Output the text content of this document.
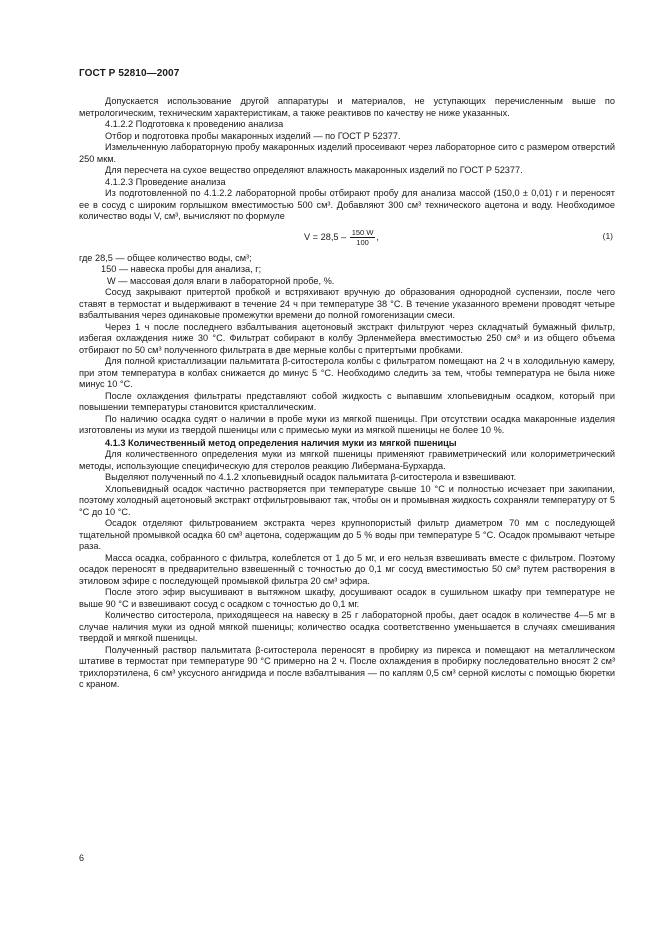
ГОСТ Р 52810—2007

Допускается использование другой аппаратуры и материалов, не уступающих перечисленным выше по метрологическим, техническим характеристикам, а также реактивов по качеству не ниже указанных.

4.1.2.2 Подготовка к проведению анализа

Отбор и подготовка пробы макаронных изделий — по ГОСТ Р 52377.

Измельченную лабораторную пробу макаронных изделий просеивают через лабораторное сито с размером отверстий 250 мкм.

Для пересчета на сухое вещество определяют влажность макаронных изделий по ГОСТ Р 52377.

4.1.2.3 Проведение анализа

Из подготовленной по 4.1.2.2 лабораторной пробы отбирают пробу для анализа массой (150,0 ± 0,01) г и переносят ее в сосуд с широким горлышком вместимостью 500 см³. Добавляют 300 см³ технического ацетона и воду. Необходимое количество воды V, см³, вычисляют по формуле

$V = 28,5 - \frac{150 W}{100}$ ,	(1)

где 28,5 — общее количество воды, см³;

150 — навеска пробы для анализа, г;

W — массовая доля влаги в лабораторной пробе, %.

Сосуд закрывают притертой пробкой и встряхивают вручную до образования однородной суспензии, после чего ставят в термостат и выдерживают в течение 24 ч при температуре 38 °C. В течение указанного времени проводят четыре взбалтывания через одинаковые промежутки времени до полной гомогенизации смеси.

Через 1 ч после последнего взбалтывания ацетоновый экстракт фильтруют через складчатый бумажный фильтр, избегая охлаждения ниже 30 °C. Фильтрат собирают в колбу Эрленмейера вместимостью 250 см³ и из общего объема отбирают по 50 см³ полученного фильтрата в две мерные колбы с притертыми пробками.

Для полной кристаллизации пальмитата β-ситостерола колбы с фильтратом помещают на 2 ч в холодильную камеру, при этом температура в колбах снижается до минус 5 °C. Необходимо следить за тем, чтобы температура не была ниже минус 10 °C.

После охлаждения фильтраты представляют собой жидкость с выпавшим хлопьевидным осадком, который при повышении температуры становится кристаллическим.

По наличию осадка судят о наличии в пробе муки из мягкой пшеницы. При отсутствии осадка макаронные изделия изготовлены из муки из твердой пшеницы или с примесью муки из мягкой пшеницы не более 10 %.

4.1.3 Количественный метод определения наличия муки из мягкой пшеницы

Для количественного определения муки из мягкой пшеницы применяют гравиметрический или колориметрический методы, использующие специфическую для стеролов реакцию Либермана-Бурхарда.

Выделяют полученный по 4.1.2 хлопьевидный осадок пальмитата β-ситостерола и взвешивают.

Хлопьевидный осадок частично растворяется при температуре свыше 10 °C и полностью исчезает при закипании, поэтому холодный ацетоновый экстракт отфильтровывают так, чтобы он и промывная жидкость сохраняли температуру от 5 °C до 10 °C.

Осадок отделяют фильтрованием экстракта через крупнопористый фильтр диаметром 70 мм с последующей тщательной промывкой осадка 60 см³ ацетона, содержащим до 5 % воды при температуре 5 °C. Осадок промывают четыре раза.

Масса осадка, собранного с фильтра, колеблется от 1 до 5 мг, и его нельзя взвешивать вместе с фильтром. Поэтому осадок переносят в предварительно взвешенный с точностью до 0,1 мг сосуд вместимостью 50 см³ путем растворения в этиловом эфире с последующей промывкой фильтра 20 см³ эфира.

После этого эфир высушивают в вытяжном шкафу, досушивают осадок в сушильном шкафу при температуре не выше 90 °C и взвешивают сосуд с осадком с точностью до 0,1 мг.

Количество ситостерола, приходящееся на навеску в 25 г лабораторной пробы, дает осадок в количестве 4—5 мг в случае наличия муки из одной мягкой пшеницы; количество осадка соответственно уменьшается в случаях смешивания твердой и мягкой пшеницы.

Полученный раствор пальмитата β-ситостерола переносят в пробирку из пирекса и помещают на металлическом штативе в термостат при температуре 90 °C примерно на 2 ч. После охлаждения в пробирку последовательно вносят 2 см³ трихлорэтилена, 6 см³ уксусного ангидрида и после взбалтывания — по каплям 0,5 см³ серной кислоты с помощью бюретки с краном.

6
